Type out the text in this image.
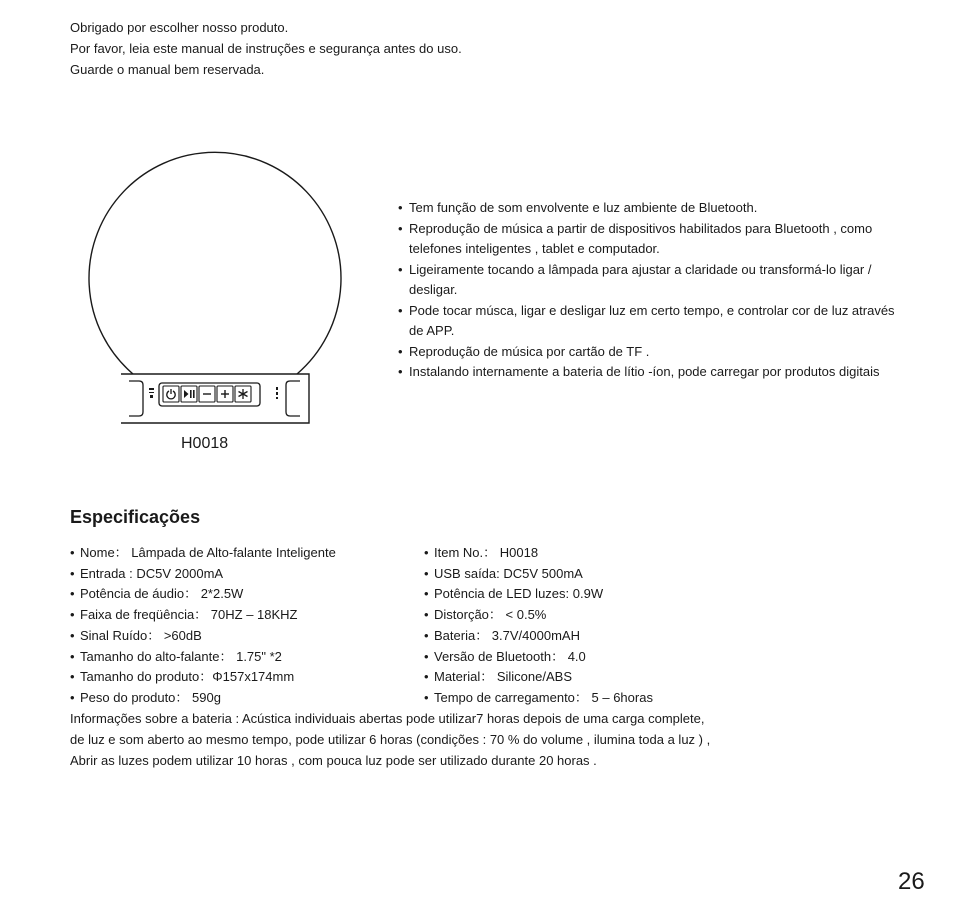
Obrigado por escolher nosso produto.
Por favor, leia este manual de instruções e segurança antes do uso.
Guarde o manual bem reservada.
H0018
• Tem função de som envolvente e luz ambiente de Bluetooth.
• Reprodução de música a partir de dispositivos habilitados para Bluetooth , como telefones inteligentes , tablet e computador.
• Ligeiramente tocando a lâmpada para ajustar a claridade ou transformá-lo ligar / desligar.
• Pode tocar músca, ligar e desligar luz em certo tempo, e controlar cor de luz através de APP.
• Reprodução de música por cartão de TF .
• Instalando internamente a bateria de lítio -íon, pode carregar por produtos digitais
Especificações
• Nome： Lâmpada de Alto-falante Inteligente
• Entrada : DC5V 2000mA
• Potência de áudio： 2*2.5W
• Faixa de freqüência： 70HZ – 18KHZ
• Sinal Ruído： >60dB
• Tamanho do alto-falante： 1.75" *2
• Tamanho do produto：Φ157x174mm
• Peso do produto： 590g
• Item No.： H0018
• USB saída: DC5V 500mA
• Potência de LED luzes: 0.9W
• Distorção： < 0.5%
• Bateria： 3.7V/4000mAH
• Versão de Bluetooth： 4.0
• Material： Silicone/ABS
• Tempo de carregamento： 5 – 6horas
Informações sobre a bateria : Acústica individuais abertas pode utilizar7 horas depois de uma carga complete,
de luz e som aberto ao mesmo tempo, pode utilizar 6 horas (condições : 70 % do volume , ilumina toda a luz ) ,
Abrir as luzes podem utilizar 10 horas , com pouca luz pode ser utilizado durante 20 horas .
26
